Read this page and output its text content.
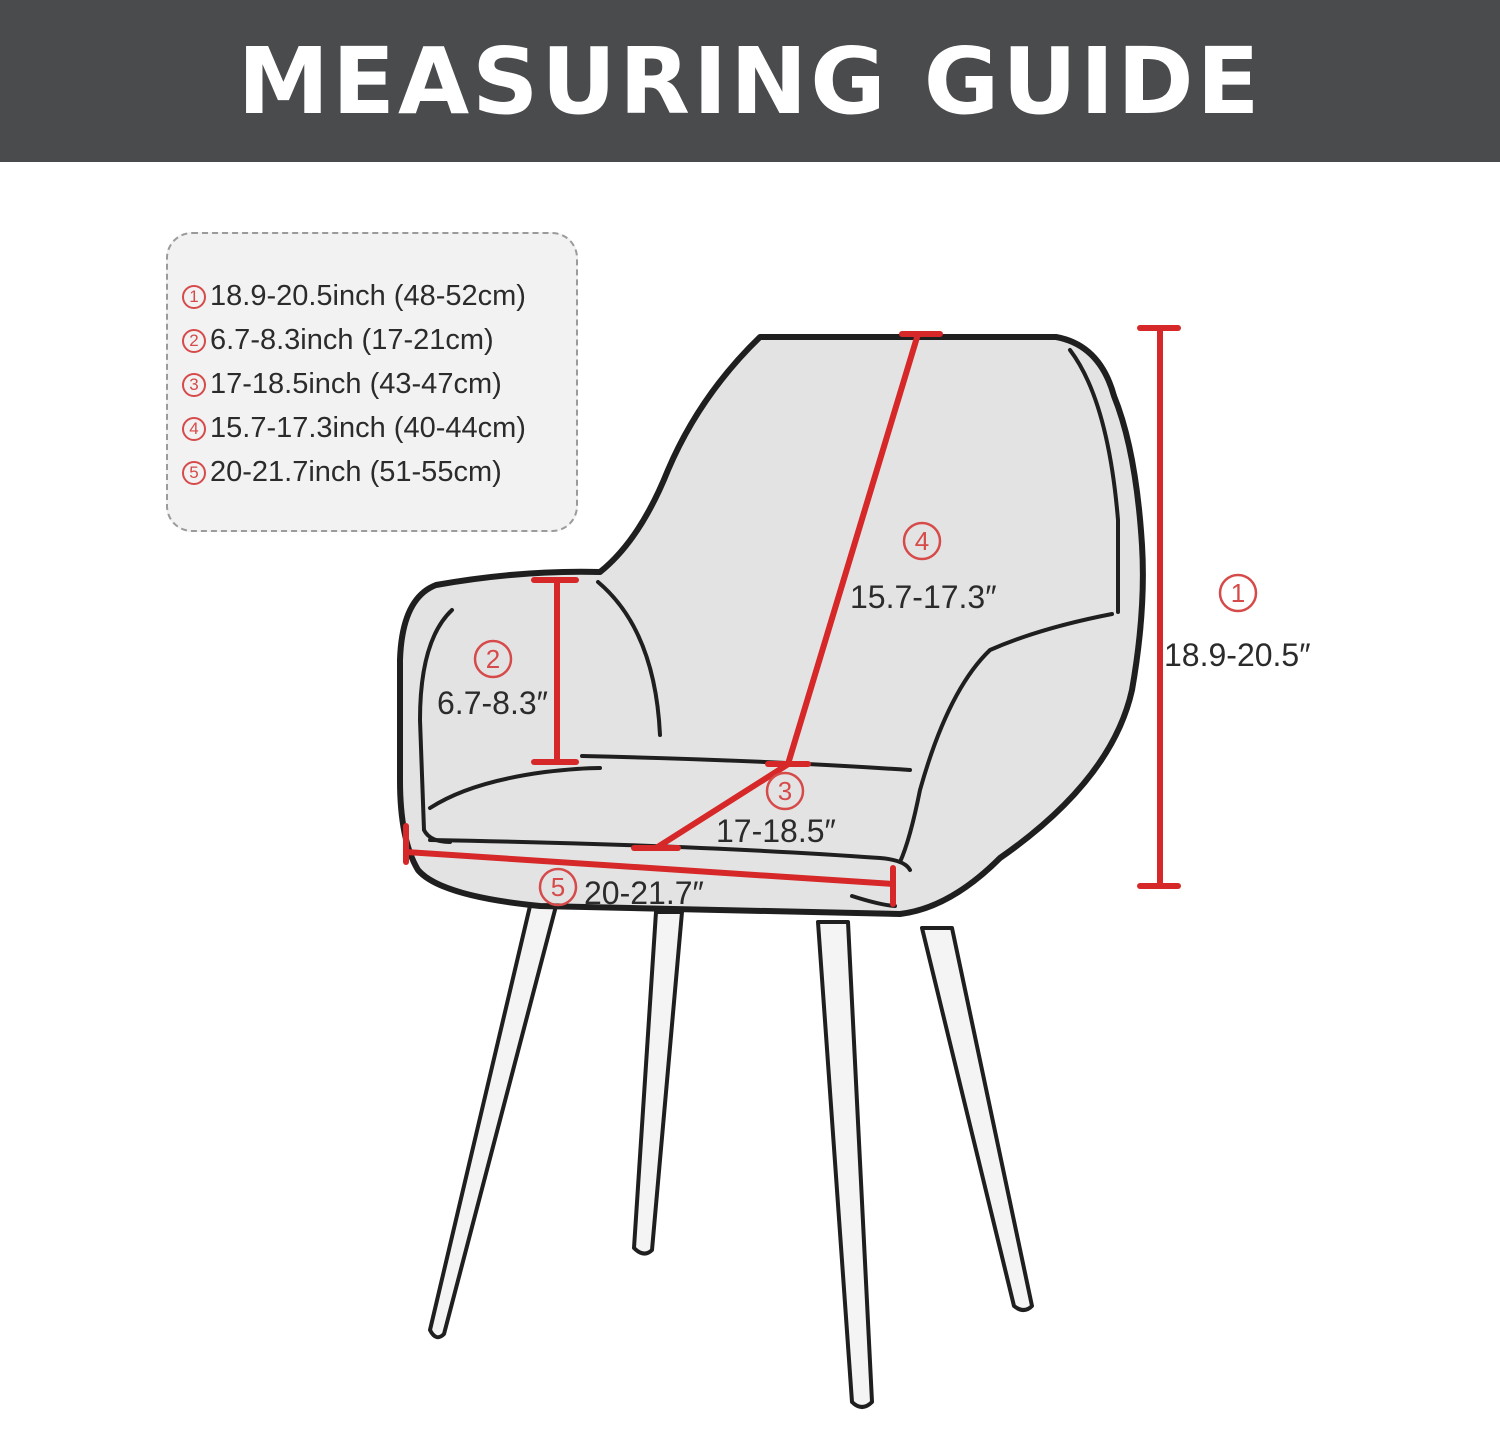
MEASURING GUIDE
1 18.9-20.5inch (48-52cm)
2 6.7-8.3inch (17-21cm)
3 17-18.5inch (43-47cm)
4 15.7-17.3inch (40-44cm)
5 20-21.7inch (51-55cm)
1
18.9-20.5″
2
6.7-8.3″
3
17-18.5″
4
15.7-17.3″
5 20-21.7″
